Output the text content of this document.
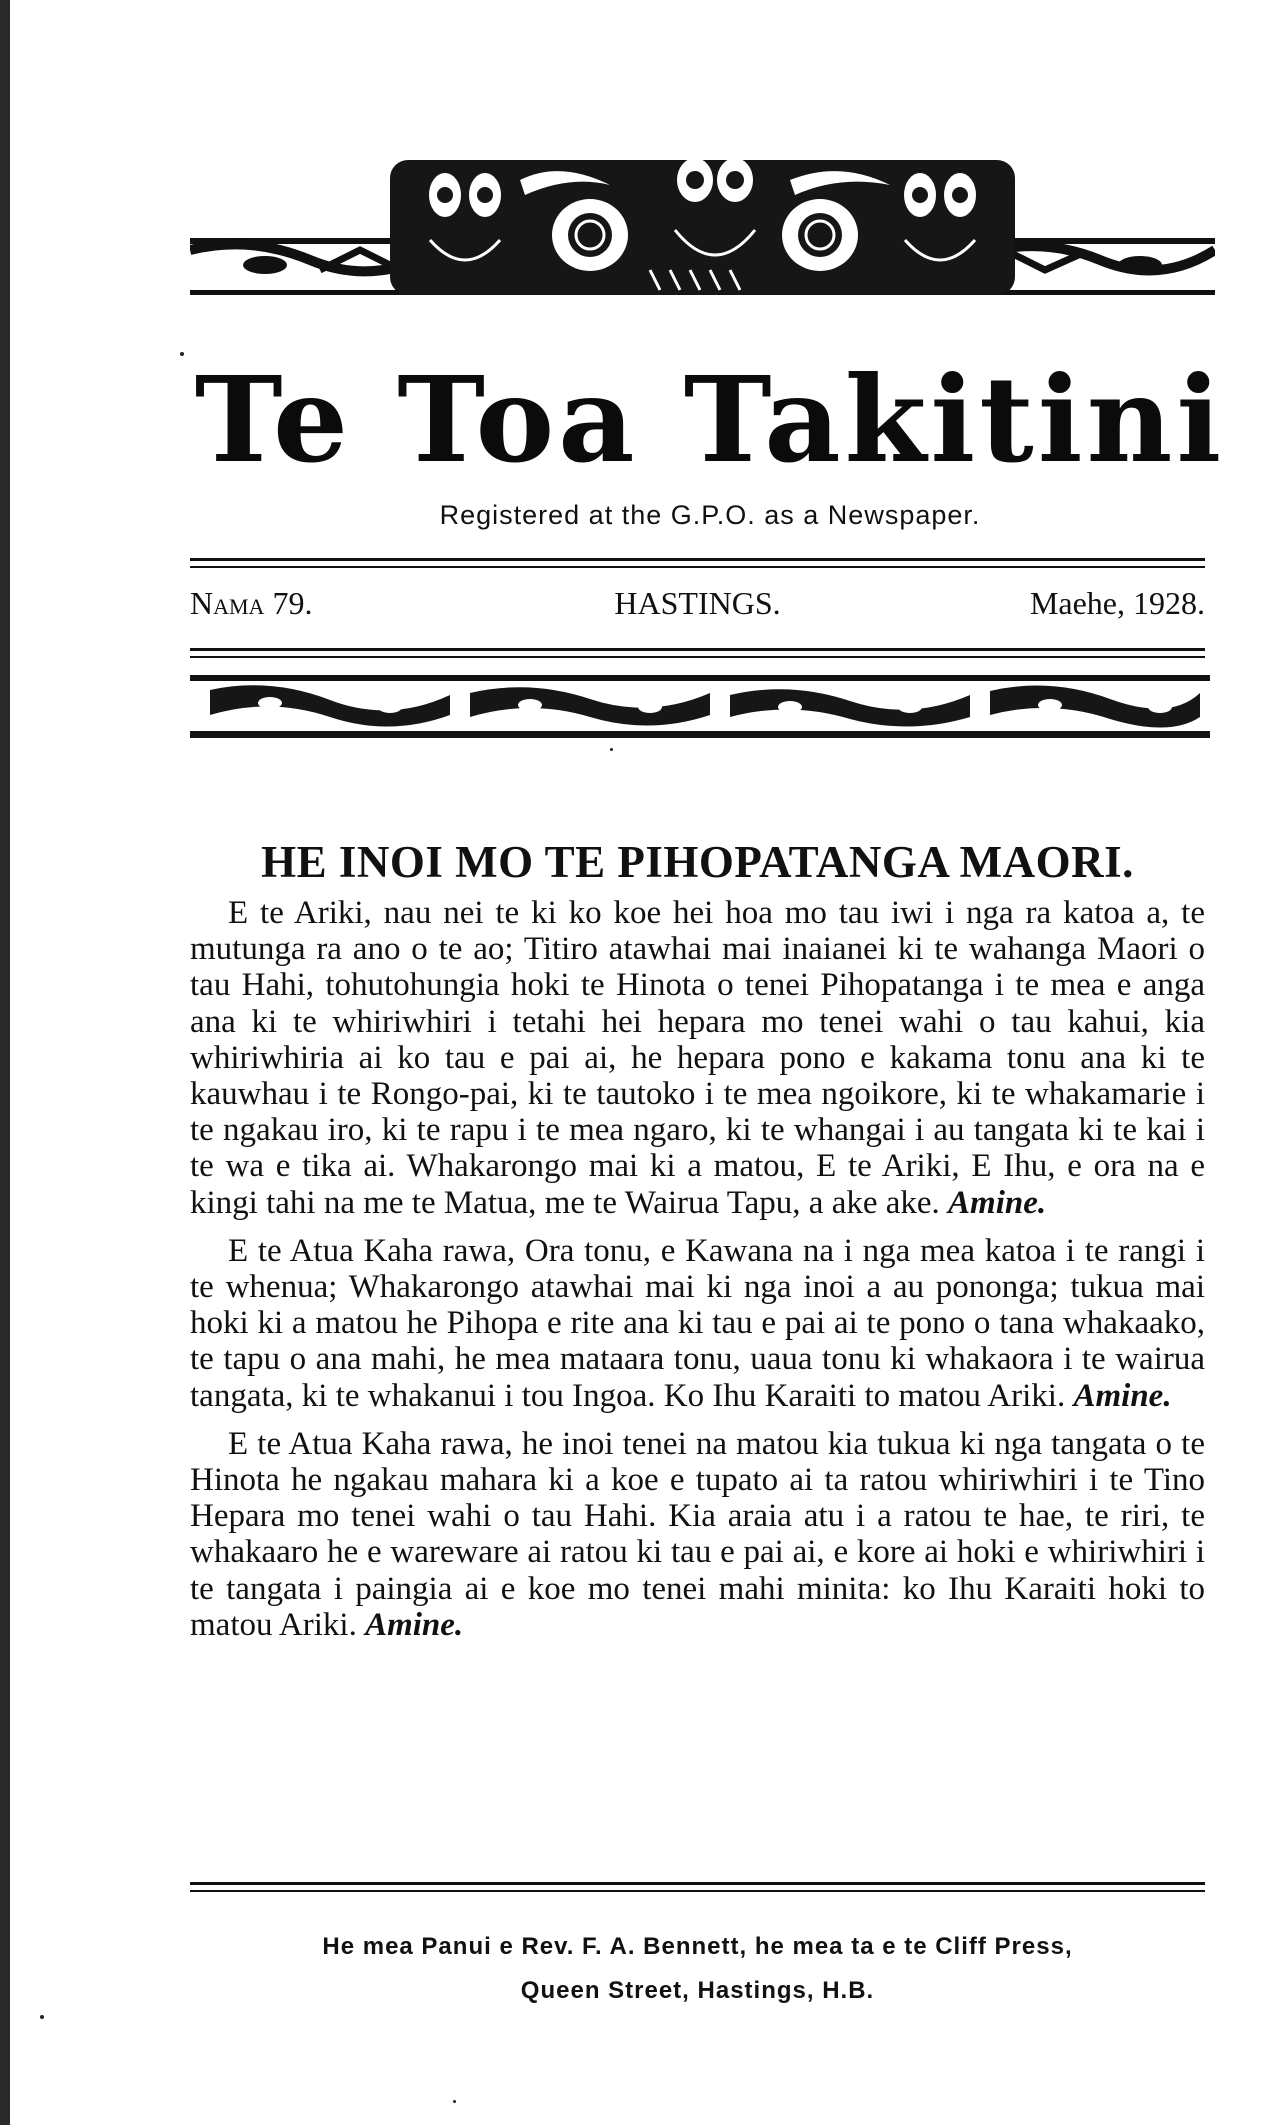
Te Toa Takitini
Registered at the G.P.O. as a Newspaper.
Nama 79.	HASTINGS.	Maehe, 1928.
HE INOI MO TE PIHOPATANGA MAORI.

E te Ariki, nau nei te ki ko koe hei hoa mo tau iwi i nga ra katoa a, te mutunga ra ano o te ao; Titiro atawhai mai inaianei ki te wahanga Maori o tau Hahi, tohutohungia hoki te Hinota o tenei Pihopatanga i te mea e anga ana ki te whiriwhiri i tetahi hei hepara mo tenei wahi o tau kahui, kia whiriwhiria ai ko tau e pai ai, he hepara pono e kakama tonu ana ki te kauwhau i te Rongo-pai, ki te tautoko i te mea ngoikore, ki te whakamarie i te ngakau iro, ki te rapu i te mea ngaro, ki te whangai i au tangata ki te kai i te wa e tika ai. Whakarongo mai ki a matou, E te Ariki, E Ihu, e ora na e kingi tahi na me te Matua, me te Wairua Tapu, a ake ake. Amine.

E te Atua Kaha rawa, Ora tonu, e Kawana na i nga mea katoa i te rangi i te whenua; Whakarongo atawhai mai ki nga inoi a au pononga; tukua mai hoki ki a matou he Pihopa e rite ana ki tau e pai ai te pono o tana whakaako, te tapu o ana mahi, he mea mataara tonu, uaua tonu ki whakaora i te wairua tangata, ki te whakanui i tou Ingoa. Ko Ihu Karaiti to matou Ariki. Amine.

E te Atua Kaha rawa, he inoi tenei na matou kia tukua ki nga tangata o te Hinota he ngakau mahara ki a koe e tupato ai ta ratou whiriwhiri i te Tino Hepara mo tenei wahi o tau Hahi. Kia araia atu i a ratou te hae, te riri, te whakaaro he e wareware ai ratou ki tau e pai ai, e kore ai hoki e whiriwhiri i te tangata i paingia ai e koe mo tenei mahi minita: ko Ihu Karaiti hoki to matou Ariki. Amine.

He mea Panui e Rev. F. A. Bennett, he mea ta e te Cliff Press,
Queen Street, Hastings, H.B.
